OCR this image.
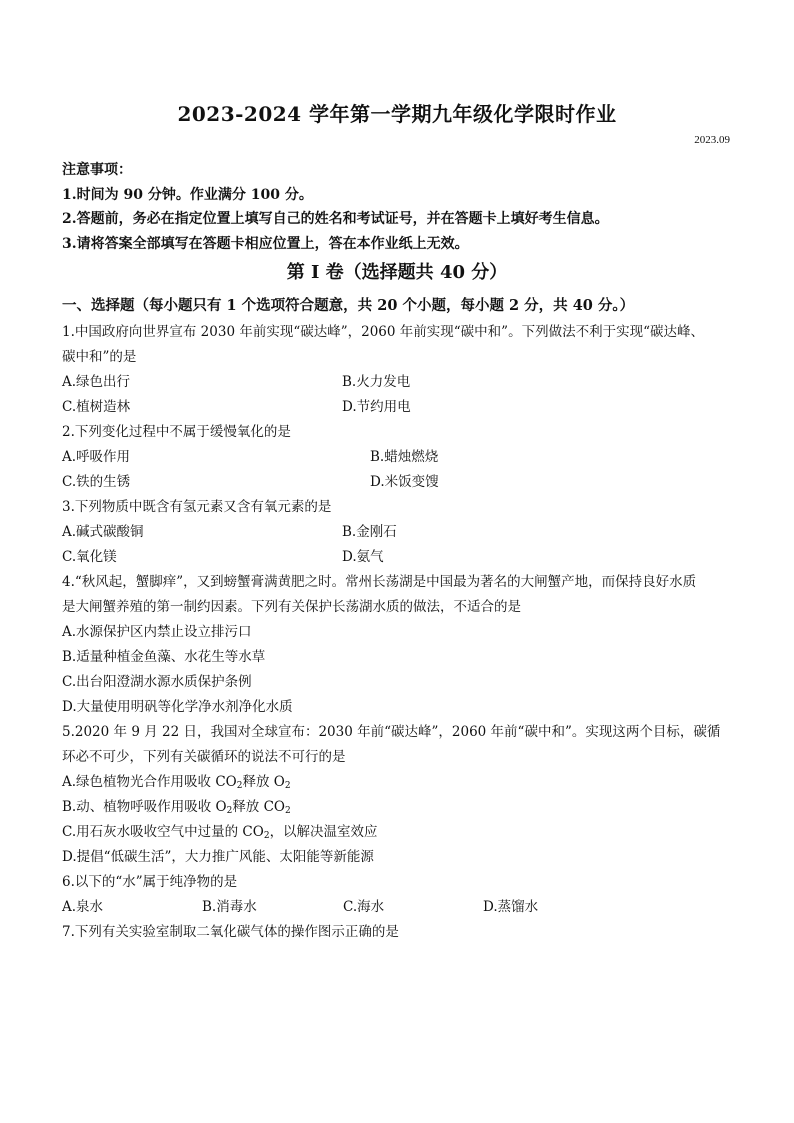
2023-2024 学年第一学期九年级化学限时作业
2023.09
注意事项：
1.时间为 90 分钟。作业满分 100 分。
2.答题前，务必在指定位置上填写自己的姓名和考试证号，并在答题卡上填好考生信息。
3.请将答案全部填写在答题卡相应位置上，答在本作业纸上无效。
第 I 卷（选择题共 40 分）
一、选择题（每小题只有 1 个选项符合题意，共 20 个小题，每小题 2 分，共 40 分。）
1.中国政府向世界宣布 2030 年前实现“碳达峰”，2060 年前实现“碳中和”。下列做法不利于实现“碳达峰、
碳中和”的是
A.绿色出行	B.火力发电
C.植树造林	D.节约用电
2.下列变化过程中不属于缓慢氧化的是
A.呼吸作用	B.蜡烛燃烧
C.铁的生锈	D.米饭变馊
3.下列物质中既含有氢元素又含有氧元素的是
A.碱式碳酸铜	B.金刚石
C.氧化镁	D.氨气
4.“秋风起，蟹脚痒”，又到螃蟹膏满黄肥之时。常州长荡湖是中国最为著名的大闸蟹产地，而保持良好水质
是大闸蟹养殖的第一制约因素。下列有关保护长荡湖水质的做法，不适合的是
A.水源保护区内禁止设立排污口
B.适量种植金鱼藻、水花生等水草
C.出台阳澄湖水源水质保护条例
D.大量使用明矾等化学净水剂净化水质
5.2020 年 9 月 22 日，我国对全球宣布：2030 年前“碳达峰”，2060 年前“碳中和”。实现这两个目标，碳循
环必不可少，下列有关碳循环的说法不可行的是
A.绿色植物光合作用吸收 $CO_2$释放 $O_2$
B.动、植物呼吸作用吸收 $O_2$释放 $CO_2$
C.用石灰水吸收空气中过量的 $CO_2$，以解决温室效应
D.提倡“低碳生活”，大力推广风能、太阳能等新能源
6.以下的“水”属于纯净物的是
A.泉水	B.消毒水	C.海水	D.蒸馏水
7.下列有关实验室制取二氧化碳气体的操作图示正确的是
